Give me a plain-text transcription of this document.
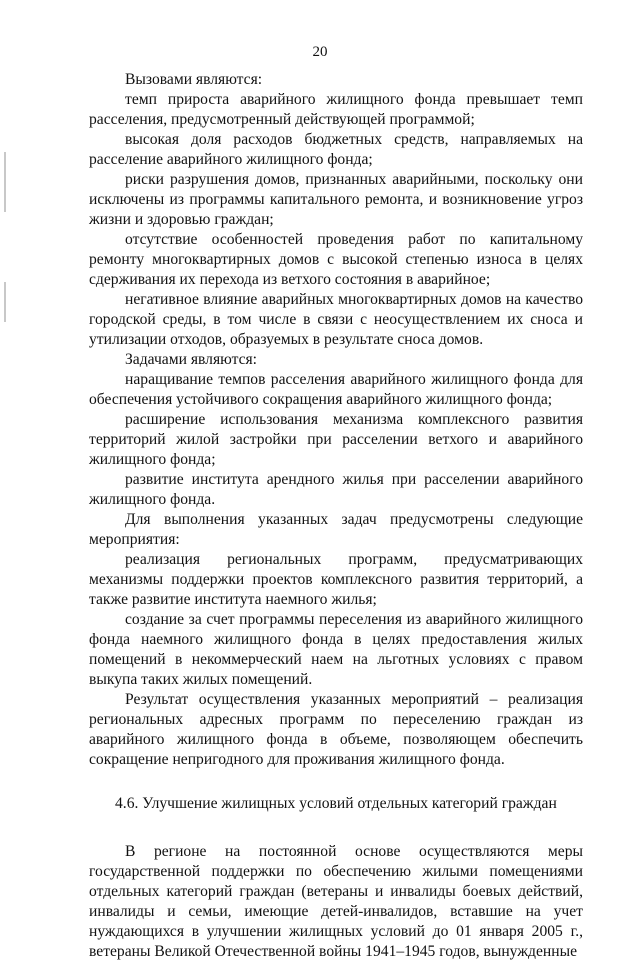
20

Вызовами являются:

темп прироста аварийного жилищного фонда превышает темп расселения, предусмотренный действующей программой;

высокая доля расходов бюджетных средств, направляемых на расселение аварийного жилищного фонда;

риски разрушения домов, признанных аварийными, поскольку они исключены из программы капитального ремонта, и возникновение угроз жизни и здоровью граждан;

отсутствие особенностей проведения работ по капитальному ремонту многоквартирных домов с высокой степенью износа в целях сдерживания их перехода из ветхого состояния в аварийное;

негативное влияние аварийных многоквартирных домов на качество городской среды, в том числе в связи с неосуществлением их сноса и утилизации отходов, образуемых в результате сноса домов.

Задачами являются:

наращивание темпов расселения аварийного жилищного фонда для обеспечения устойчивого сокращения аварийного жилищного фонда;

расширение использования механизма комплексного развития территорий жилой застройки при расселении ветхого и аварийного жилищного фонда;

развитие института арендного жилья при расселении аварийного жилищного фонда.

Для выполнения указанных задач предусмотрены следующие мероприятия:

реализация региональных программ, предусматривающих механизмы поддержки проектов комплексного развития территорий, а также развитие института наемного жилья;

создание за счет программы переселения из аварийного жилищного фонда наемного жилищного фонда в целях предоставления жилых помещений в некоммерческий наем на льготных условиях с правом выкупа таких жилых помещений.

Результат осуществления указанных мероприятий – реализация региональных адресных программ по переселению граждан из аварийного жилищного фонда в объеме, позволяющем обеспечить сокращение непригодного для проживания жилищного фонда.

4.6. Улучшение жилищных условий отдельных категорий граждан

В регионе на постоянной основе осуществляются меры государственной поддержки по обеспечению жилыми помещениями отдельных категорий граждан (ветераны и инвалиды боевых действий, инвалиды и семьи, имеющие детей-инвалидов, вставшие на учет нуждающихся в улучшении жилищных условий до 01 января 2005 г., ветераны Великой Отечественной войны 1941–1945 годов, вынужденные
